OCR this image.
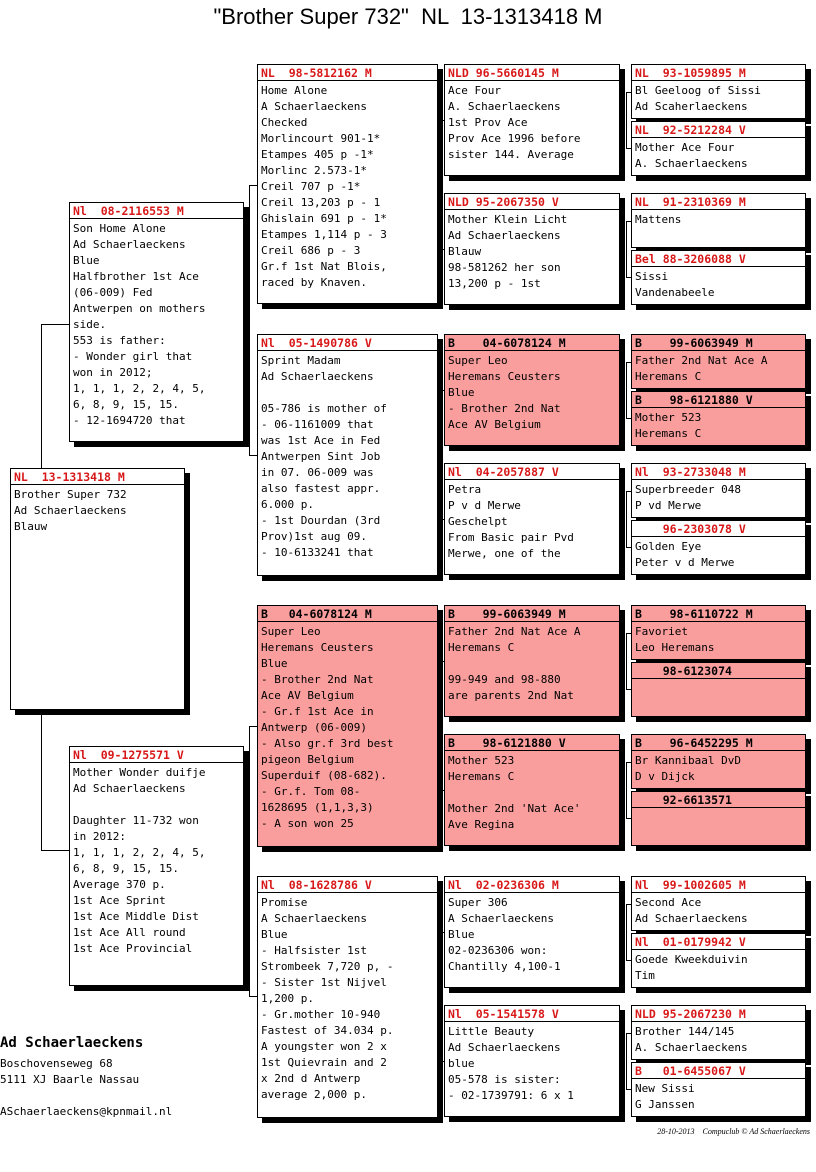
"Brother Super 732"  NL  13-1313418 M
NL  13-1313418 M
Brother Super 732
Ad Schaerlaeckens
Blauw
Nl  08-2116553 M
Son Home Alone
Ad Schaerlaeckens
Blue
Halfbrother 1st Ace
(06-009) Fed
Antwerpen on mothers
side.
553 is father:
- Wonder girl that
won in 2012;
1, 1, 1, 2, 2, 4, 5,
6, 8, 9, 15, 15.
- 12-1694720 that
Nl  09-1275571 V
Mother Wonder duifje
Ad Schaerlaeckens
Daughter 11-732 won
in 2012:
1, 1, 1, 2, 2, 4, 5,
6, 8, 9, 15, 15.
Average 370 p.
1st Ace Sprint
1st Ace Middle Dist
1st Ace All round
1st Ace Provincial
NL  98-5812162 M
Home Alone
A Schaerlaeckens
Checked
Morlincourt 901-1*
Etampes 405 p -1*
Morlinc 2.573-1*
Creil 707 p -1*
Creil 13,203 p - 1
Ghislain 691 p - 1*
Etampes 1,114 p - 3
Creil 686 p - 3
Gr.f 1st Nat Blois,
raced by Knaven.
Nl  05-1490786 V
Sprint Madam
Ad Schaerlaeckens
05-786 is mother of
- 06-1161009 that
was 1st Ace in Fed
Antwerpen Sint Job
in 07. 06-009 was
also fastest appr.
6.000 p.
- 1st Dourdan (3rd
Prov)1st aug 09.
- 10-6133241 that
B   04-6078124 M
Super Leo
Heremans Ceusters
Blue
- Brother 2nd Nat
Ace AV Belgium
- Gr.f 1st Ace in
Antwerp (06-009)
- Also gr.f 3rd best
pigeon Belgium
Superduif (08-682).
- Gr.f. Tom 08-
1628695 (1,1,3,3)
- A son won 25
Nl  08-1628786 V
Promise
A Schaerlaeckens
Blue
- Halfsister 1st
Strombeek 7,720 p, -
- Sister 1st Nijvel
1,200 p.
- Gr.mother 10-940
Fastest of 34.034 p.
A youngster won 2 x
1st Quievrain and 2
x 2nd d Antwerp
average 2,000 p.
NLD 96-5660145 M
Ace Four
A. Schaerlaeckens
1st Prov Ace
Prov Ace 1996 before
sister 144. Average
NLD 95-2067350 V
Mother Klein Licht
Ad Schaerlaeckens
Blauw
98-581262 her son
13,200 p - 1st
B    04-6078124 M
Super Leo
Heremans Ceusters
Blue
- Brother 2nd Nat
Ace AV Belgium
Nl  04-2057887 V
Petra
P v d Merwe
Geschelpt
From Basic pair Pvd
Merwe, one of the
B    99-6063949 M
Father 2nd Nat Ace A
Heremans C
99-949 and 98-880
are parents 2nd Nat
B    98-6121880 V
Mother 523
Heremans C
Mother 2nd 'Nat Ace'
Ave Regina
Nl  02-0236306 M
Super 306
A Schaerlaeckens
Blue
02-0236306 won:
Chantilly 4,100-1
Nl  05-1541578 V
Little Beauty
Ad Schaerlaeckens
blue
05-578 is sister:
- 02-1739791: 6 x 1
NL  93-1059895 M
Bl Geeloog of Sissi
Ad Scaherlaeckens
NL  92-5212284 V
Mother Ace Four
A. Schaerlaeckens
NL  91-2310369 M
Mattens
Bel 88-3206088 V
Sissi
Vandenabeele
B    99-6063949 M
Father 2nd Nat Ace A
Heremans C
B    98-6121880 V
Mother 523
Heremans C
Nl  93-2733048 M
Superbreeder 048
P vd Merwe
96-2303078 V
Golden Eye
Peter v d Merwe
B    98-6110722 M
Favoriet
Leo Heremans
98-6123074
B    96-6452295 M
Br Kannibaal DvD
D v Dijck
92-6613571
Nl  99-1002605 M
Second Ace
Ad Schaerlaeckens
Nl  01-0179942 V
Goede Kweekduivin
Tim
NLD 95-2067230 M
Brother 144/145
A. Schaerlaeckens
B   01-6455067 V
New Sissi
G Janssen
Ad Schaerlaeckens
Boschovenseweg 68
5111 XJ Baarle Nassau
ASchaerlaeckens@kpnmail.nl
28-10-2013    Compuclub © Ad Schaerlaeckens
